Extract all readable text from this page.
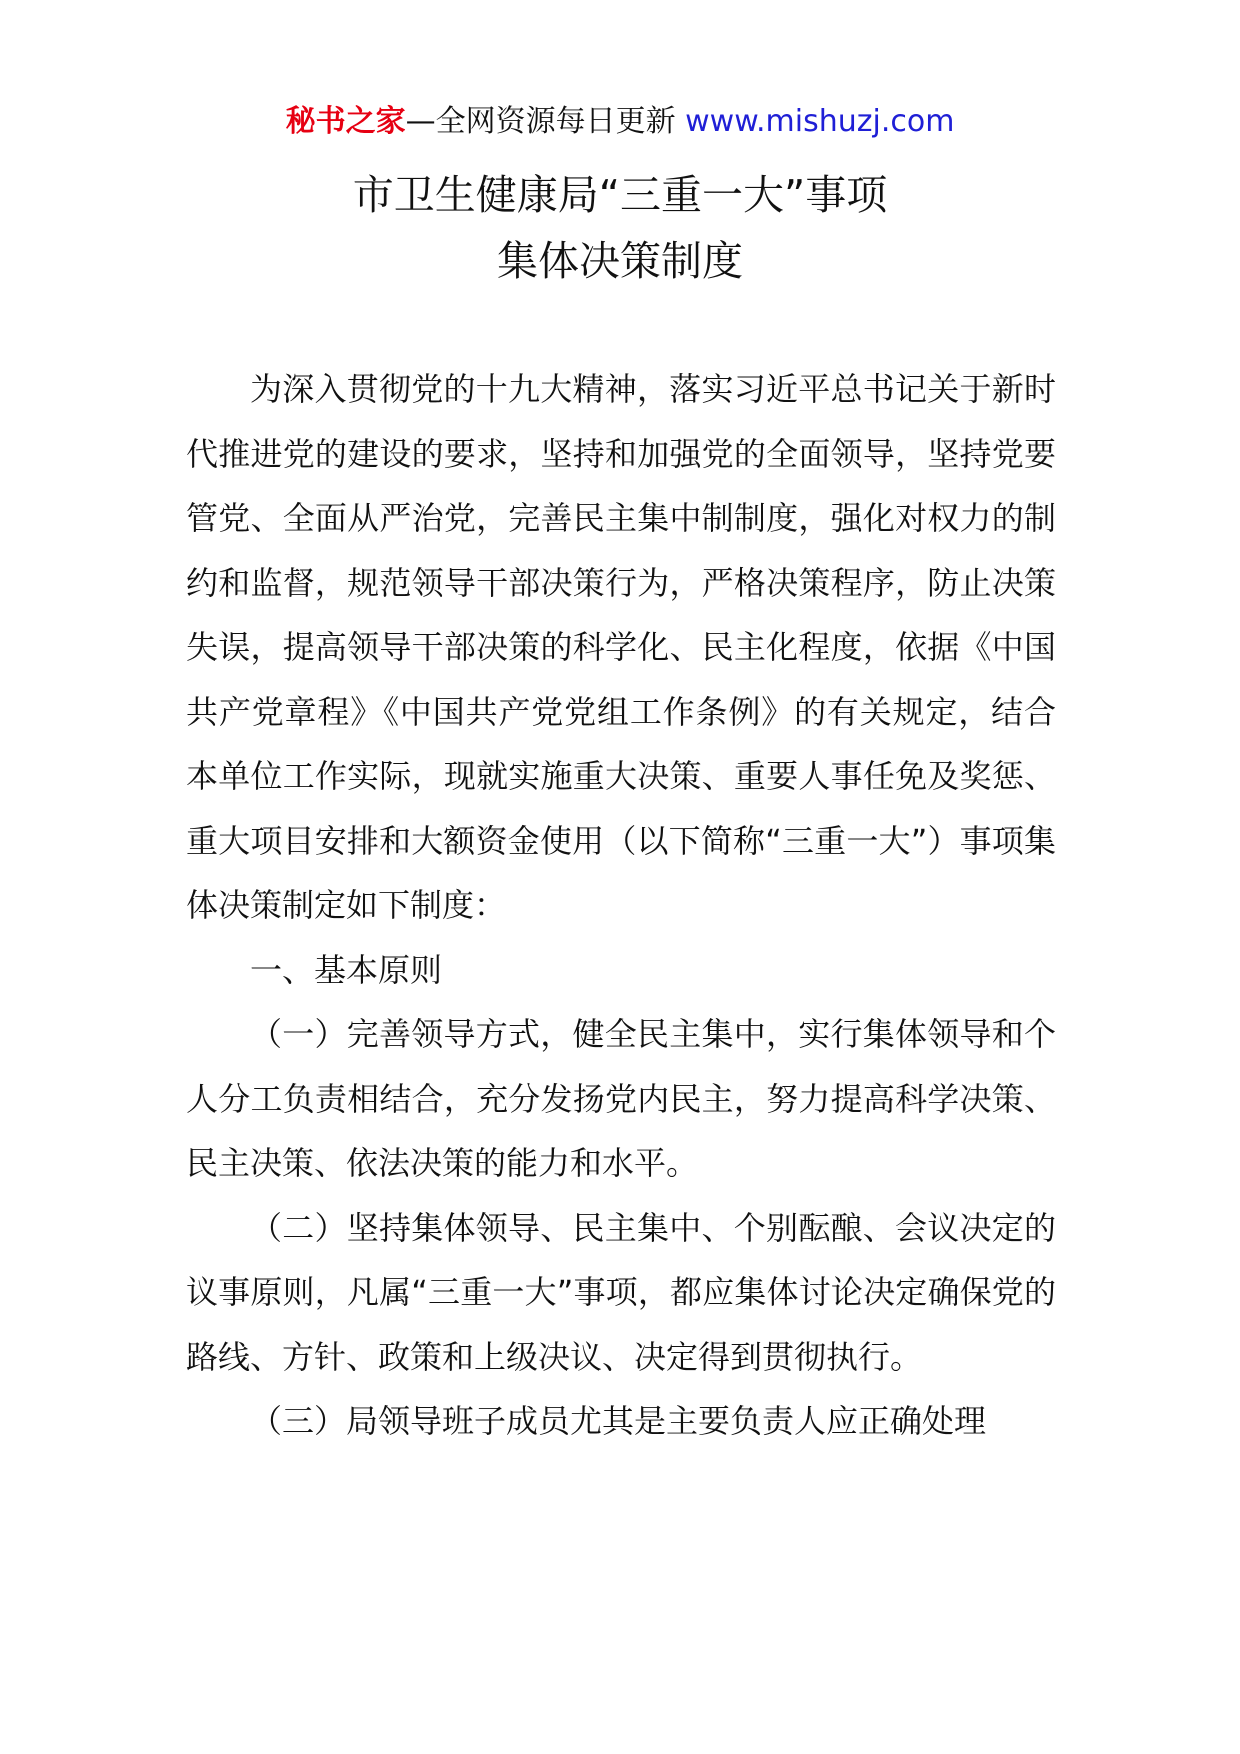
秘书之家—全网资源每日更新 www.mishuzj.com
市卫生健康局“三重一大”事项
集体决策制度

为深入贯彻党的十九大精神，落实习近平总书记关于新时代推进党的建设的要求，坚持和加强党的全面领导，坚持党要管党、全面从严治党，完善民主集中制制度，强化对权力的制约和监督，规范领导干部决策行为，严格决策程序，防止决策失误，提高领导干部决策的科学化、民主化程度，依据《中国共产党章程》《中国共产党党组工作条例》的有关规定，结合本单位工作实际，现就实施重大决策、重要人事任免及奖惩、重大项目安排和大额资金使用（以下简称“三重一大”）事项集体决策制定如下制度：

一、基本原则

（一）完善领导方式，健全民主集中，实行集体领导和个人分工负责相结合，充分发扬党内民主，努力提高科学决策、民主决策、依法决策的能力和水平。

（二）坚持集体领导、民主集中、个别酝酿、会议决定的议事原则，凡属“三重一大”事项，都应集体讨论决定确保党的路线、方针、政策和上级决议、决定得到贯彻执行。

（三）局领导班子成员尤其是主要负责人应正确处理
